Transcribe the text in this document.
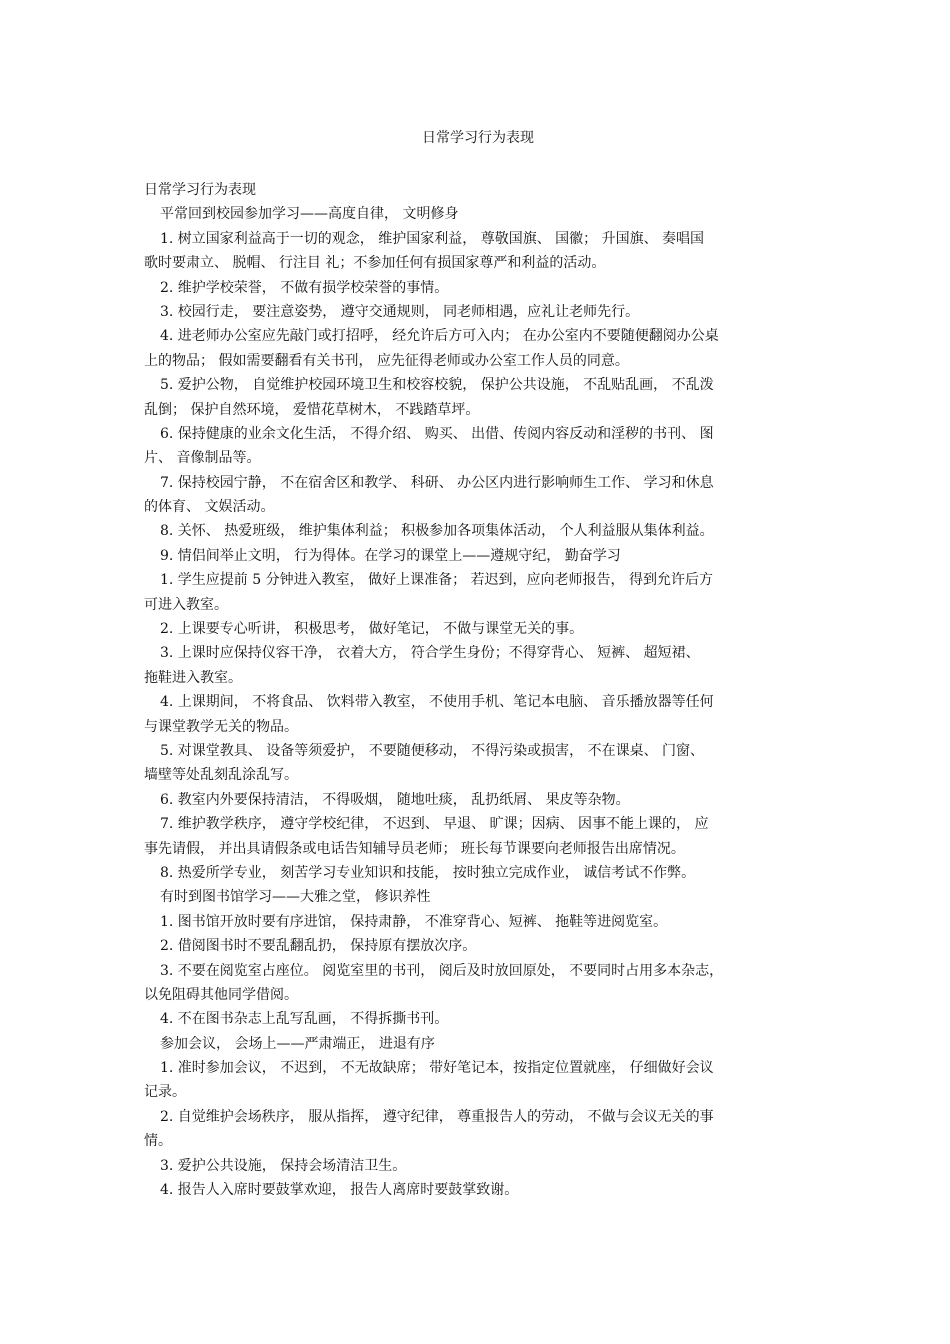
日常学习行为表现
日常学习行为表现
平常回到校园参加学习——高度自律， 文明修身
1. 树立国家利益高于一切的观念， 维护国家利益， 尊敬国旗、 国徽； 升国旗、 奏唱国
歌时要肃立、 脱帽、 行注目 礼；不参加任何有损国家尊严和利益的活动。
2. 维护学校荣誉， 不做有损学校荣誉的事情。
3. 校园行走， 要注意姿势， 遵守交通规则， 同老师相遇，应礼让老师先行。
4. 进老师办公室应先敲门或打招呼， 经允许后方可入内； 在办公室内不要随便翻阅办公桌
上的物品； 假如需要翻看有关书刊， 应先征得老师或办公室工作人员的同意。
5. 爱护公物， 自觉维护校园环境卫生和校容校貌， 保护公共设施， 不乱贴乱画， 不乱泼
乱倒； 保护自然环境， 爱惜花草树木， 不践踏草坪。
6. 保持健康的业余文化生活， 不得介绍、 购买、 出借、传阅内容反动和淫秽的书刊、 图
片、 音像制品等。
7. 保持校园宁静， 不在宿舍区和教学、 科研、 办公区内进行影响师生工作、 学习和休息
的体育、 文娱活动。
8. 关怀、 热爱班级， 维护集体利益； 积极参加各项集体活动， 个人利益服从集体利益。
9. 情侣间举止文明， 行为得体。在学习的课堂上——遵规守纪， 勤奋学习
1. 学生应提前 5 分钟进入教室， 做好上课准备； 若迟到，应向老师报告， 得到允许后方
可进入教室。
2. 上课要专心听讲， 积极思考， 做好笔记， 不做与课堂无关的事。
3. 上课时应保持仪容干净， 衣着大方， 符合学生身份；不得穿背心、 短裤、 超短裙、
拖鞋进入教室。
4. 上课期间， 不将食品、 饮料带入教室， 不使用手机、笔记本电脑、 音乐播放器等任何
与课堂教学无关的物品。
5. 对课堂教具、 设备等须爱护， 不要随便移动， 不得污染或损害， 不在课桌、 门窗、
墙壁等处乱刻乱涂乱写。
6. 教室内外要保持清洁， 不得吸烟， 随地吐痰， 乱扔纸屑、 果皮等杂物。
7. 维护教学秩序， 遵守学校纪律， 不迟到、 早退、 旷课；因病、 因事不能上课的， 应
事先请假， 并出具请假条或电话告知辅导员老师； 班长每节课要向老师报告出席情况。
8. 热爱所学专业， 刻苦学习专业知识和技能， 按时独立完成作业， 诚信考试不作弊。
有时到图书馆学习——大雅之堂， 修识养性
1. 图书馆开放时要有序进馆， 保持肃静， 不准穿背心、短裤、 拖鞋等进阅览室。
2. 借阅图书时不要乱翻乱扔， 保持原有摆放次序。
3. 不要在阅览室占座位。 阅览室里的书刊， 阅后及时放回原处， 不要同时占用多本杂志，
以免阻碍其他同学借阅。
4. 不在图书杂志上乱写乱画， 不得拆撕书刊。
参加会议， 会场上——严肃端正， 进退有序
1. 准时参加会议， 不迟到， 不无故缺席； 带好笔记本，按指定位置就座， 仔细做好会议
记录。
2. 自觉维护会场秩序， 服从指挥， 遵守纪律， 尊重报告人的劳动， 不做与会议无关的事
情。
3. 爱护公共设施， 保持会场清洁卫生。
4. 报告人入席时要鼓掌欢迎， 报告人离席时要鼓掌致谢。
